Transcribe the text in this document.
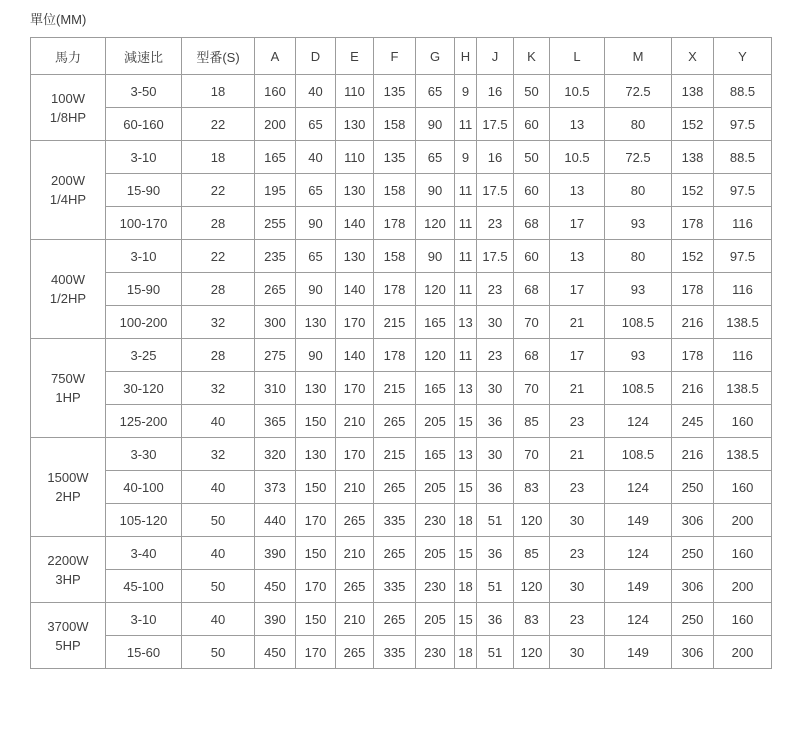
單位(MM)
馬力	減速比	型番(S)	A	D	E	F	G	H	J	K	L	M	X	Y

100W
1/8HP	3-50	18	160	40	110	135	65	9	16	50	10.5	72.5	138	88.5
	60-160	22	200	65	130	158	90	11	17.5	60	13	80	152	97.5

200W
1/4HP	3-10	18	165	40	110	135	65	9	16	50	10.5	72.5	138	88.5
	15-90	22	195	65	130	158	90	11	17.5	60	13	80	152	97.5
	100-170	28	255	90	140	178	120	11	23	68	17	93	178	116

400W
1/2HP	3-10	22	235	65	130	158	90	11	17.5	60	13	80	152	97.5
	15-90	28	265	90	140	178	120	11	23	68	17	93	178	116
	100-200	32	300	130	170	215	165	13	30	70	21	108.5	216	138.5

750W
1HP	3-25	28	275	90	140	178	120	11	23	68	17	93	178	116
	30-120	32	310	130	170	215	165	13	30	70	21	108.5	216	138.5
	125-200	40	365	150	210	265	205	15	36	85	23	124	245	160

1500W
2HP	3-30	32	320	130	170	215	165	13	30	70	21	108.5	216	138.5
	40-100	40	373	150	210	265	205	15	36	83	23	124	250	160
	105-120	50	440	170	265	335	230	18	51	120	30	149	306	200

2200W
3HP	3-40	40	390	150	210	265	205	15	36	85	23	124	250	160
	45-100	50	450	170	265	335	230	18	51	120	30	149	306	200

3700W
5HP	3-10	40	390	150	210	265	205	15	36	83	23	124	250	160
	15-60	50	450	170	265	335	230	18	51	120	30	149	306	200
